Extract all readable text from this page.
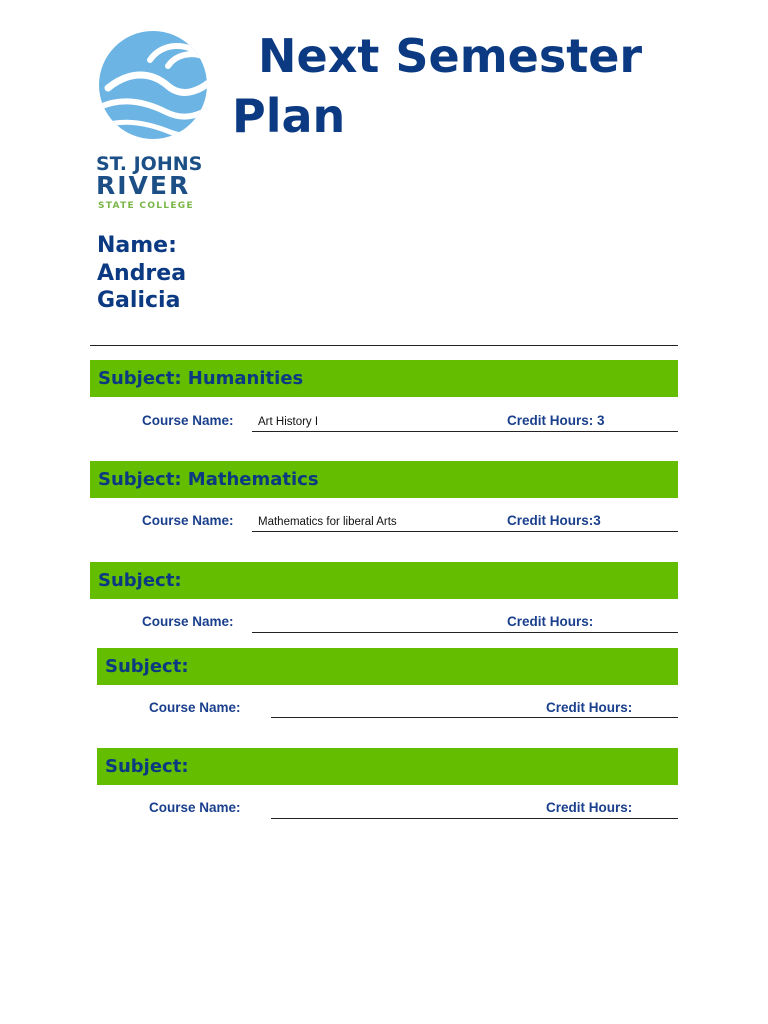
ST. JOHNS
RIVER
STATE COLLEGE
Next Semester
Plan
Name:
Andrea
Galicia
Subject: Humanities
Course Name: Art History I	Credit Hours: 3
Subject: Mathematics
Course Name: Mathematics for liberal Arts	Credit Hours:3
Subject:
Course Name:	Credit Hours:
Subject:
Course Name:	Credit Hours:
Subject:
Course Name:	Credit Hours:
